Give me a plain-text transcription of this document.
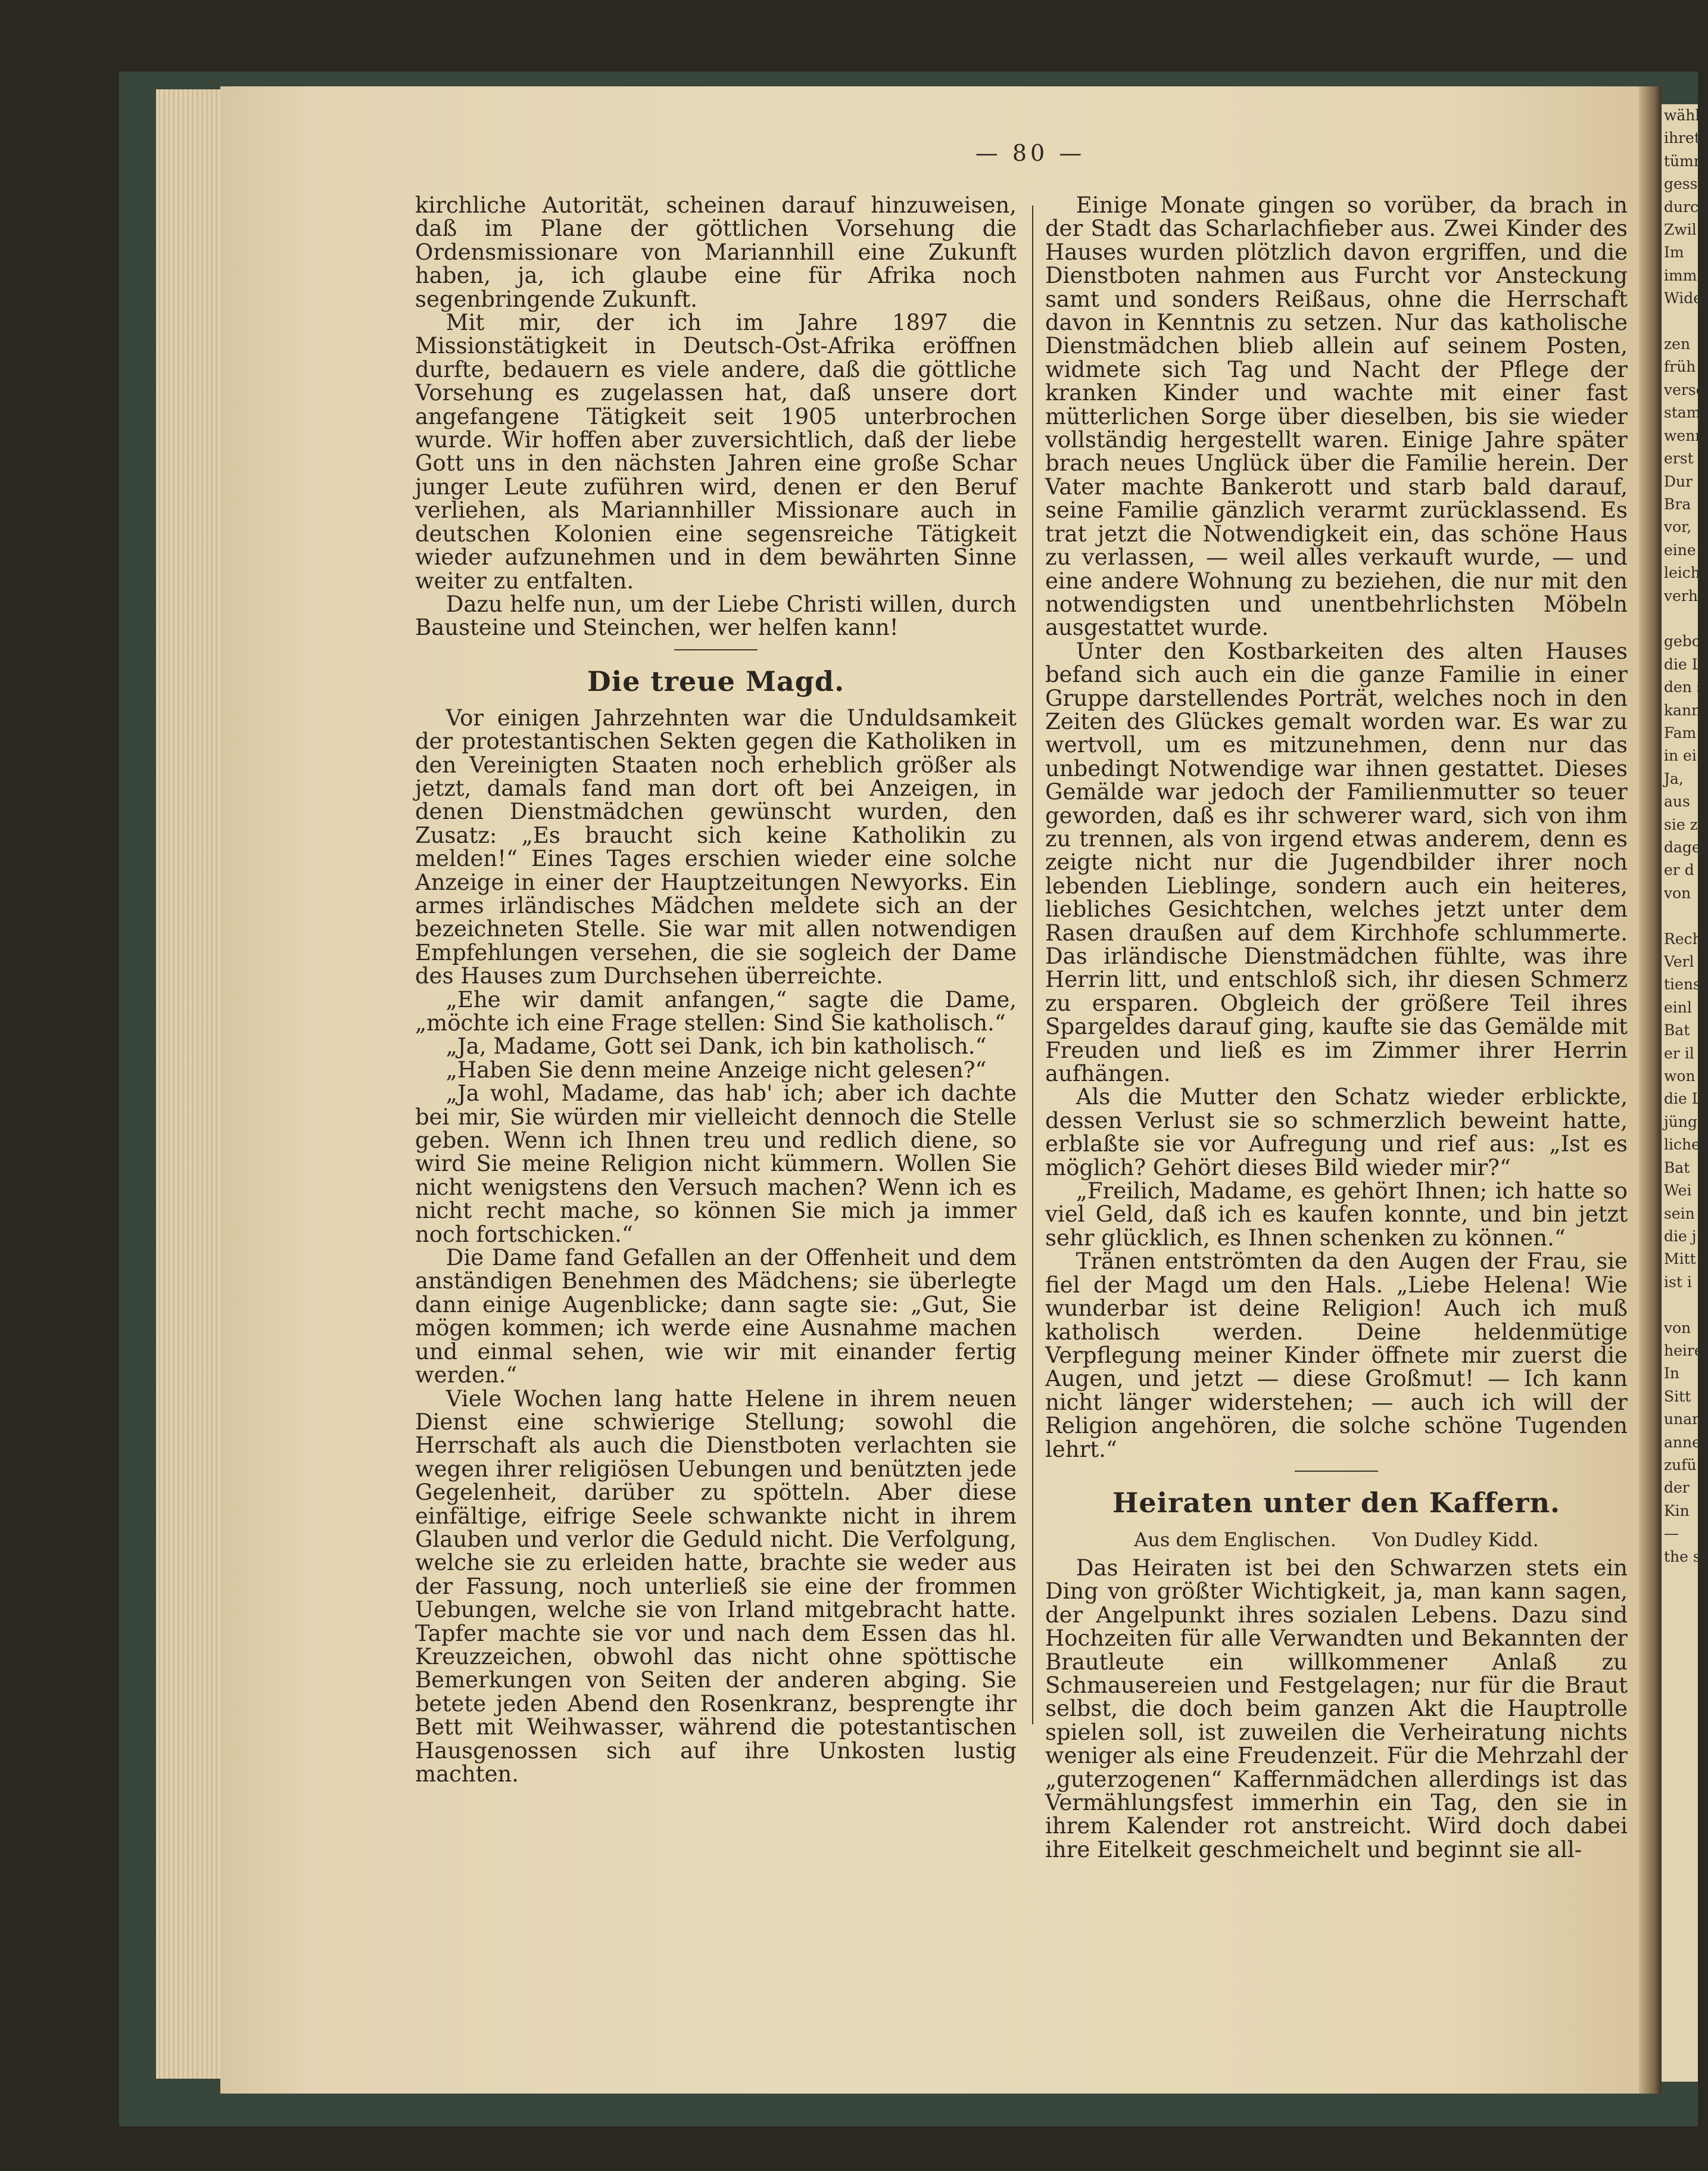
wähl
ihret
tümn
gesse
durch
Zwil
Im
imm
Wide

zen
früh
versc
stam
wenn
erst
Dur
Bra
vor,
eine
leich
verh

gebo
die L
den s
kann
Fam
in ei
Ja,
aus
sie z
dage
er d
von

Rech
Verl
tiens
einl
Bat
er il
won
die L
jüng
liche
Bat
Wei
sein
die j
Mitt
ist i

von
heire
In
Sitt
unar
anne
zufü
der
Kin
—
the s
— 80 —

kirchliche Autorität, scheinen darauf hinzuweisen, daß im Plane der göttlichen Vorsehung die Ordensmissionare von Mariannhill eine Zukunft haben, ja, ich glaube eine für Afrika noch segenbringende Zukunft.

Mit mir, der ich im Jahre 1897 die Missionstätigkeit in Deutsch-Ost-Afrika eröffnen durfte, bedauern es viele andere, daß die göttliche Vorsehung es zugelassen hat, daß unsere dort angefangene Tätigkeit seit 1905 unterbrochen wurde. Wir hoffen aber zuversichtlich, daß der liebe Gott uns in den nächsten Jahren eine große Schar junger Leute zuführen wird, denen er den Beruf verliehen, als Mariannhiller Missionare auch in deutschen Kolonien eine segensreiche Tätigkeit wieder aufzunehmen und in dem bewährten Sinne weiter zu entfalten.

Dazu helfe nun, um der Liebe Christi willen, durch Bausteine und Steinchen, wer helfen kann!

Die treue Magd.

Vor einigen Jahrzehnten war die Unduldsamkeit der protestantischen Sekten gegen die Katholiken in den Vereinigten Staaten noch erheblich größer als jetzt, damals fand man dort oft bei Anzeigen, in denen Dienstmädchen gewünscht wurden, den Zusatz: „Es braucht sich keine Katholikin zu melden!“ Eines Tages erschien wieder eine solche Anzeige in einer der Hauptzeitungen Newyorks. Ein armes irländisches Mädchen meldete sich an der bezeichneten Stelle. Sie war mit allen notwendigen Empfehlungen versehen, die sie sogleich der Dame des Hauses zum Durchsehen überreichte.

„Ehe wir damit anfangen,“ sagte die Dame, „möchte ich eine Frage stellen: Sind Sie katholisch.“

„Ja, Madame, Gott sei Dank, ich bin katholisch.“

„Haben Sie denn meine Anzeige nicht gelesen?“

„Ja wohl, Madame, das hab' ich; aber ich dachte bei mir, Sie würden mir vielleicht dennoch die Stelle geben. Wenn ich Ihnen treu und redlich diene, so wird Sie meine Religion nicht kümmern. Wollen Sie nicht wenigstens den Versuch machen? Wenn ich es nicht recht mache, so können Sie mich ja immer noch fortschicken.“

Die Dame fand Gefallen an der Offenheit und dem anständigen Benehmen des Mädchens; sie überlegte dann einige Augenblicke; dann sagte sie: „Gut, Sie mögen kommen; ich werde eine Ausnahme machen und einmal sehen, wie wir mit einander fertig werden.“

Viele Wochen lang hatte Helene in ihrem neuen Dienst eine schwierige Stellung; sowohl die Herrschaft als auch die Dienstboten verlachten sie wegen ihrer religiösen Uebungen und benützten jede Gegelenheit, darüber zu spötteln. Aber diese einfältige, eifrige Seele schwankte nicht in ihrem Glauben und verlor die Geduld nicht. Die Verfolgung, welche sie zu erleiden hatte, brachte sie weder aus der Fassung, noch unterließ sie eine der frommen Uebungen, welche sie von Irland mitgebracht hatte. Tapfer machte sie vor und nach dem Essen das hl. Kreuzzeichen, obwohl das nicht ohne spöttische Bemerkungen von Seiten der anderen abging. Sie betete jeden Abend den Rosenkranz, besprengte ihr Bett mit Weihwasser, während die potestantischen Hausgenossen sich auf ihre Unkosten lustig machten.

Einige Monate gingen so vorüber, da brach in der Stadt das Scharlachfieber aus. Zwei Kinder des Hauses wurden plötzlich davon ergriffen, und die Dienstboten nahmen aus Furcht vor Ansteckung samt und sonders Reißaus, ohne die Herrschaft davon in Kenntnis zu setzen. Nur das katholische Dienstmädchen blieb allein auf seinem Posten, widmete sich Tag und Nacht der Pflege der kranken Kinder und wachte mit einer fast mütterlichen Sorge über dieselben, bis sie wieder vollständig hergestellt waren. Einige Jahre später brach neues Unglück über die Familie herein. Der Vater machte Bankerott und starb bald darauf, seine Familie gänzlich verarmt zurücklassend. Es trat jetzt die Notwendigkeit ein, das schöne Haus zu verlassen, — weil alles verkauft wurde, — und eine andere Wohnung zu beziehen, die nur mit den notwendigsten und unentbehrlichsten Möbeln ausgestattet wurde.

Unter den Kostbarkeiten des alten Hauses befand sich auch ein die ganze Familie in einer Gruppe darstellendes Porträt, welches noch in den Zeiten des Glückes gemalt worden war. Es war zu wertvoll, um es mitzunehmen, denn nur das unbedingt Notwendige war ihnen gestattet. Dieses Gemälde war jedoch der Familienmutter so teuer geworden, daß es ihr schwerer ward, sich von ihm zu trennen, als von irgend etwas anderem, denn es zeigte nicht nur die Jugendbilder ihrer noch lebenden Lieblinge, sondern auch ein heiteres, liebliches Gesichtchen, welches jetzt unter dem Rasen draußen auf dem Kirchhofe schlummerte. Das irländische Dienstmädchen fühlte, was ihre Herrin litt, und entschloß sich, ihr diesen Schmerz zu ersparen. Obgleich der größere Teil ihres Spargeldes darauf ging, kaufte sie das Gemälde mit Freuden und ließ es im Zimmer ihrer Herrin aufhängen.

Als die Mutter den Schatz wieder erblickte, dessen Verlust sie so schmerzlich beweint hatte, erblaßte sie vor Aufregung und rief aus: „Ist es möglich? Gehört dieses Bild wieder mir?“

„Freilich, Madame, es gehört Ihnen; ich hatte so viel Geld, daß ich es kaufen konnte, und bin jetzt sehr glücklich, es Ihnen schenken zu können.“

Tränen entströmten da den Augen der Frau, sie fiel der Magd um den Hals. „Liebe Helena! Wie wunderbar ist deine Religion! Auch ich muß katholisch werden. Deine heldenmütige Verpflegung meiner Kinder öffnete mir zuerst die Augen, und jetzt — diese Großmut! — Ich kann nicht länger widerstehen; — auch ich will der Religion angehören, die solche schöne Tugenden lehrt.“

Heiraten unter den Kaffern.
Aus dem Englischen. Von Dudley Kidd.

Das Heiraten ist bei den Schwarzen stets ein Ding von größter Wichtigkeit, ja, man kann sagen, der Angelpunkt ihres sozialen Lebens. Dazu sind Hochzeiten für alle Verwandten und Bekannten der Brautleute ein willkommener Anlaß zu Schmausereien und Festgelagen; nur für die Braut selbst, die doch beim ganzen Akt die Hauptrolle spielen soll, ist zuweilen die Verheiratung nichts weniger als eine Freudenzeit. Für die Mehrzahl der „guterzogenen“ Kaffernmädchen allerdings ist das Vermählungsfest immerhin ein Tag, den sie in ihrem Kalender rot anstreicht. Wird doch dabei ihre Eitelkeit geschmeichelt und beginnt sie all-
